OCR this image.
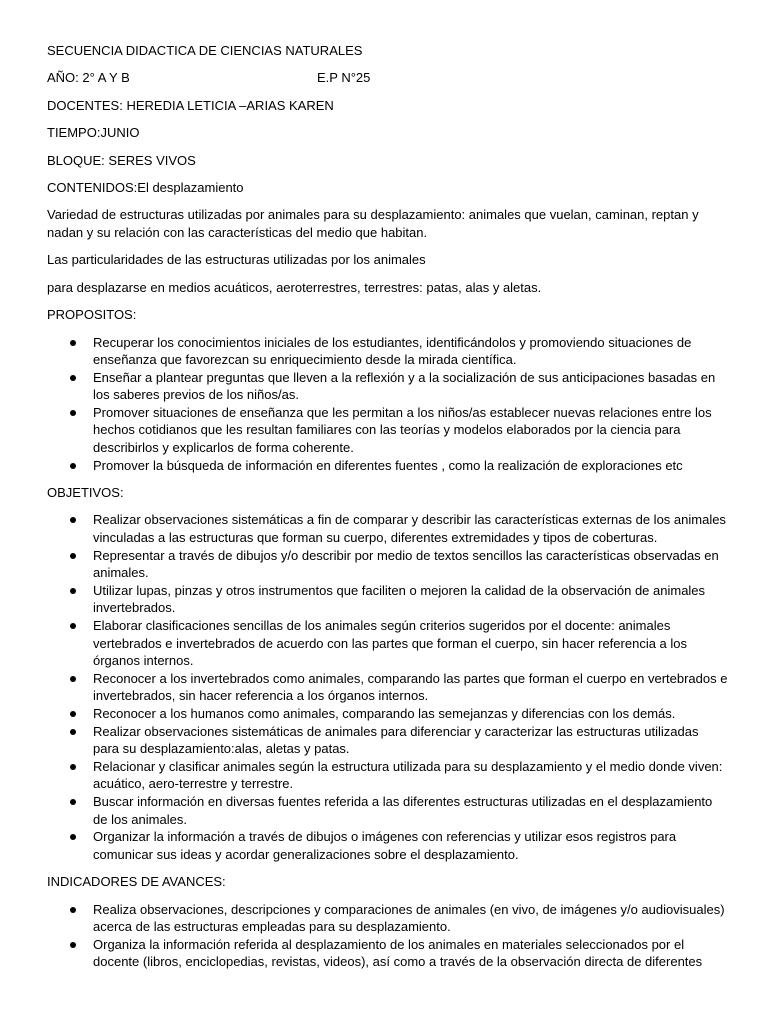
SECUENCIA DIDACTICA DE CIENCIAS NATURALES

AÑO: 2° A Y B	E.P N°25

DOCENTES: HEREDIA LETICIA –ARIAS KAREN

TIEMPO:JUNIO

BLOQUE: SERES VIVOS

CONTENIDOS:El desplazamiento

Variedad de estructuras utilizadas por animales para su desplazamiento: animales que vuelan, caminan, reptan y nadan y su relación con las características del medio que habitan.

Las particularidades de las estructuras utilizadas por los animales

para desplazarse en medios acuáticos, aeroterrestres, terrestres: patas, alas y aletas.

PROPOSITOS:

Recuperar los conocimientos iniciales de los estudiantes, identificándolos y promoviendo situaciones de enseñanza que favorezcan su enriquecimiento desde la mirada científica.
Enseñar a plantear preguntas que lleven a la reflexión y a la socialización de sus anticipaciones basadas en los saberes previos de los niños/as.
Promover situaciones de enseñanza que les permitan a los niños/as establecer nuevas relaciones entre los hechos cotidianos que les resultan familiares con las teorías y modelos elaborados por la ciencia para describirlos y explicarlos de forma coherente.
Promover la búsqueda de información en diferentes fuentes , como la realización de exploraciones etc

OBJETIVOS:

Realizar observaciones sistemáticas a fin de comparar y describir las características externas de los animales vinculadas a las estructuras que forman su cuerpo, diferentes extremidades y tipos de coberturas.
Representar a través de dibujos y/o describir por medio de textos sencillos las características observadas en animales.
Utilizar lupas, pinzas y otros instrumentos que faciliten o mejoren la calidad de la observación de animales invertebrados.
Elaborar clasificaciones sencillas de los animales según criterios sugeridos por el docente: animales vertebrados e invertebrados de acuerdo con las partes que forman el cuerpo, sin hacer referencia a los órganos internos.
Reconocer a los invertebrados como animales, comparando las partes que forman el cuerpo en vertebrados e invertebrados, sin hacer referencia a los órganos internos.
Reconocer a los humanos como animales, comparando las semejanzas y diferencias con los demás.
Realizar observaciones sistemáticas de animales para diferenciar y caracterizar las estructuras utilizadas para su desplazamiento:alas, aletas y patas.
Relacionar y clasificar animales según la estructura utilizada para su desplazamiento y el medio donde viven: acuático, aero-terrestre y terrestre.
Buscar información en diversas fuentes referida a las diferentes estructuras utilizadas en el desplazamiento de los animales.
Organizar la información a través de dibujos o imágenes con referencias y utilizar esos registros para comunicar sus ideas y acordar generalizaciones sobre el desplazamiento.

INDICADORES DE AVANCES:

Realiza observaciones, descripciones y comparaciones de animales (en vivo, de imágenes y/o audiovisuales) acerca de las estructuras empleadas para su desplazamiento.
Organiza la información referida al desplazamiento de los animales en materiales seleccionados por el docente (libros, enciclopedias, revistas, videos), así como a través de la observación directa de diferentes
